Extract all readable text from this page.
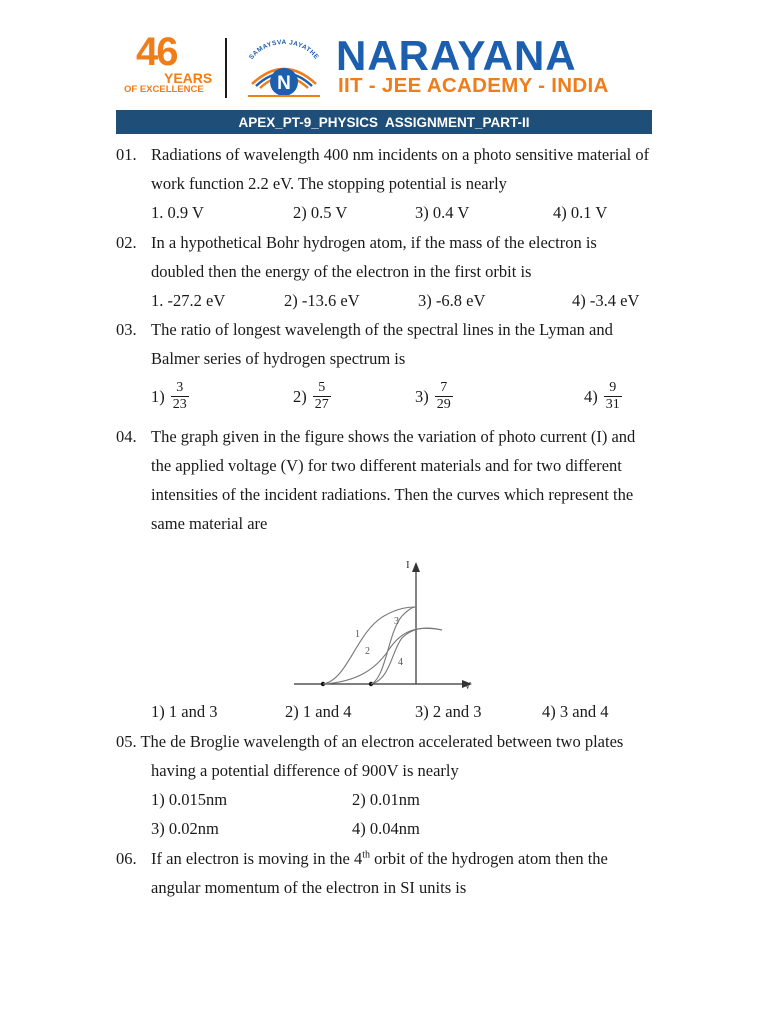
46
YEARS
OF EXCELLENCE
SAMAYSVA JAYATHE
N
NARAYANA
IIT - JEE ACADEMY - INDIA
APEX_PT-9_PHYSICS  ASSIGNMENT_PART-II
01. Radiations of wavelength 400 nm incidents on a photo sensitive material of
work function 2.2 eV. The stopping potential is nearly
1. 0.9 V	2) 0.5 V	3) 0.4 V	4) 0.1 V
02. In a hypothetical Bohr hydrogen atom, if the mass of the electron is
doubled then the energy of the electron in the first orbit is
1. -27.2 eV	2) -13.6 eV	3) -6.8 eV	4) -3.4 eV
03. The ratio of longest wavelength of the spectral lines in the Lyman and
Balmer series of hydrogen spectrum is
$1) \frac{3}{23}$	$2) \frac{5}{27}$	$3) \frac{7}{29}$	$4) \frac{9}{31}$
04. The graph given in the figure shows the variation of photo current (I) and
the applied voltage (V) for two different materials and for two different
intensities of the incident radiations. Then the curves which represent the
same material are
I
V
1
2
3
4
1) 1 and 3	2) 1 and 4	3) 2 and 3	4) 3 and 4
05. The de Broglie wavelength of an electron accelerated between two plates
having a potential difference of 900V is nearly
1) 0.015nm	2) 0.01nm
3) 0.02nm	4) 0.04nm
06. If an electron is moving in the 4th orbit of the hydrogen atom then the
angular momentum of the electron in SI units is
